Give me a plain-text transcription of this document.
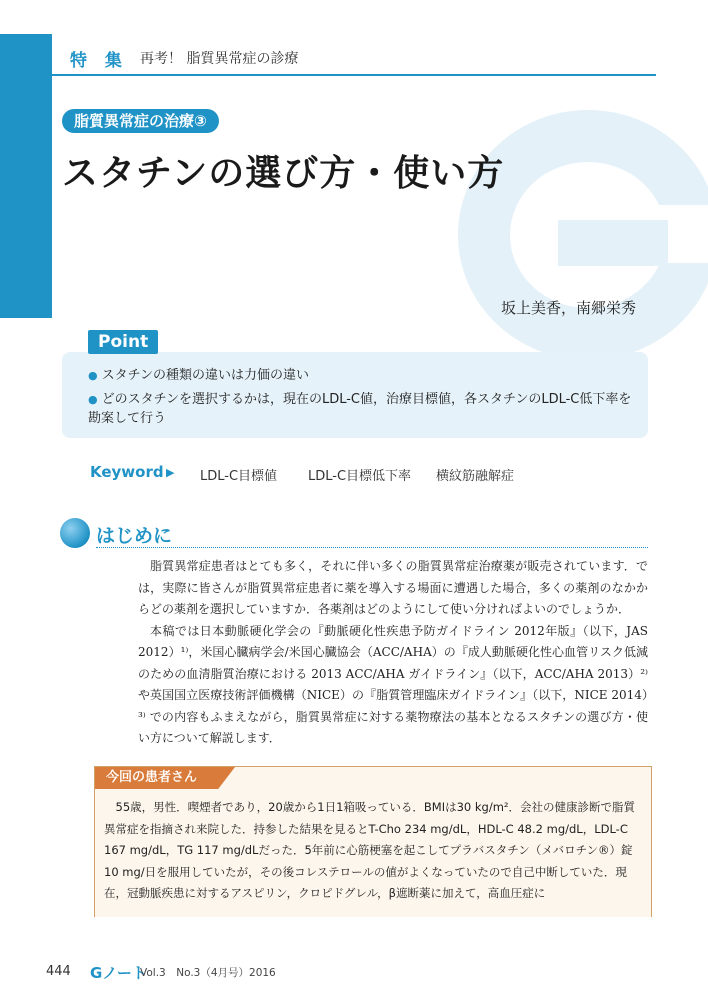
特 集 再考！ 脂質異常症の診療
脂質異常症の治療③
スタチンの選び方・使い方
坂上美香，南郷栄秀
Point
● スタチンの種類の違いは力価の違い
● どのスタチンを選択するかは，現在のLDL-C値，治療目標値，各スタチンのLDL-C低下率を勘案して行う
Keyword ▶ LDL-C目標値 LDL-C目標低下率 横紋筋融解症
はじめに

脂質異常症患者はとても多く，それに伴い多くの脂質異常症治療薬が販売されています．では，実際に皆さんが脂質異常症患者に薬を導入する場面に遭遇した場合，多くの薬剤のなかからどの薬剤を選択していますか．各薬剤はどのようにして使い分ければよいのでしょうか．

本稿では日本動脈硬化学会の『動脈硬化性疾患予防ガイドライン 2012年版』（以下，JAS 2012）¹⁾，米国心臓病学会/米国心臓協会（ACC/AHA）の『成人動脈硬化性心血管リスク低減のための血清脂質治療における 2013 ACC/AHA ガイドライン』（以下，ACC/AHA 2013）²⁾ や英国国立医療技術評価機構（NICE）の『脂質管理臨床ガイドライン』（以下，NICE 2014）³⁾ での内容もふまえながら，脂質異常症に対する薬物療法の基本となるスタチンの選び方・使い方について解説します．

今回の患者さん

55歳，男性．喫煙者であり，20歳から1日1箱吸っている．BMIは30 kg/m²．会社の健康診断で脂質異常症を指摘され来院した．持参した結果を見るとT-Cho 234 mg/dL，HDL-C 48.2 mg/dL，LDL-C 167 mg/dL，TG 117 mg/dLだった．5年前に心筋梗塞を起こしてプラバスタチン（メバロチン®）錠 10 mg/日を服用していたが，その後コレステロールの値がよくなっていたので自己中断していた．現在，冠動脈疾患に対するアスピリン，クロピドグレル，β遮断薬に加えて，高血圧症に

444 Gノート
Vol.3　No.3（4月号）2016
